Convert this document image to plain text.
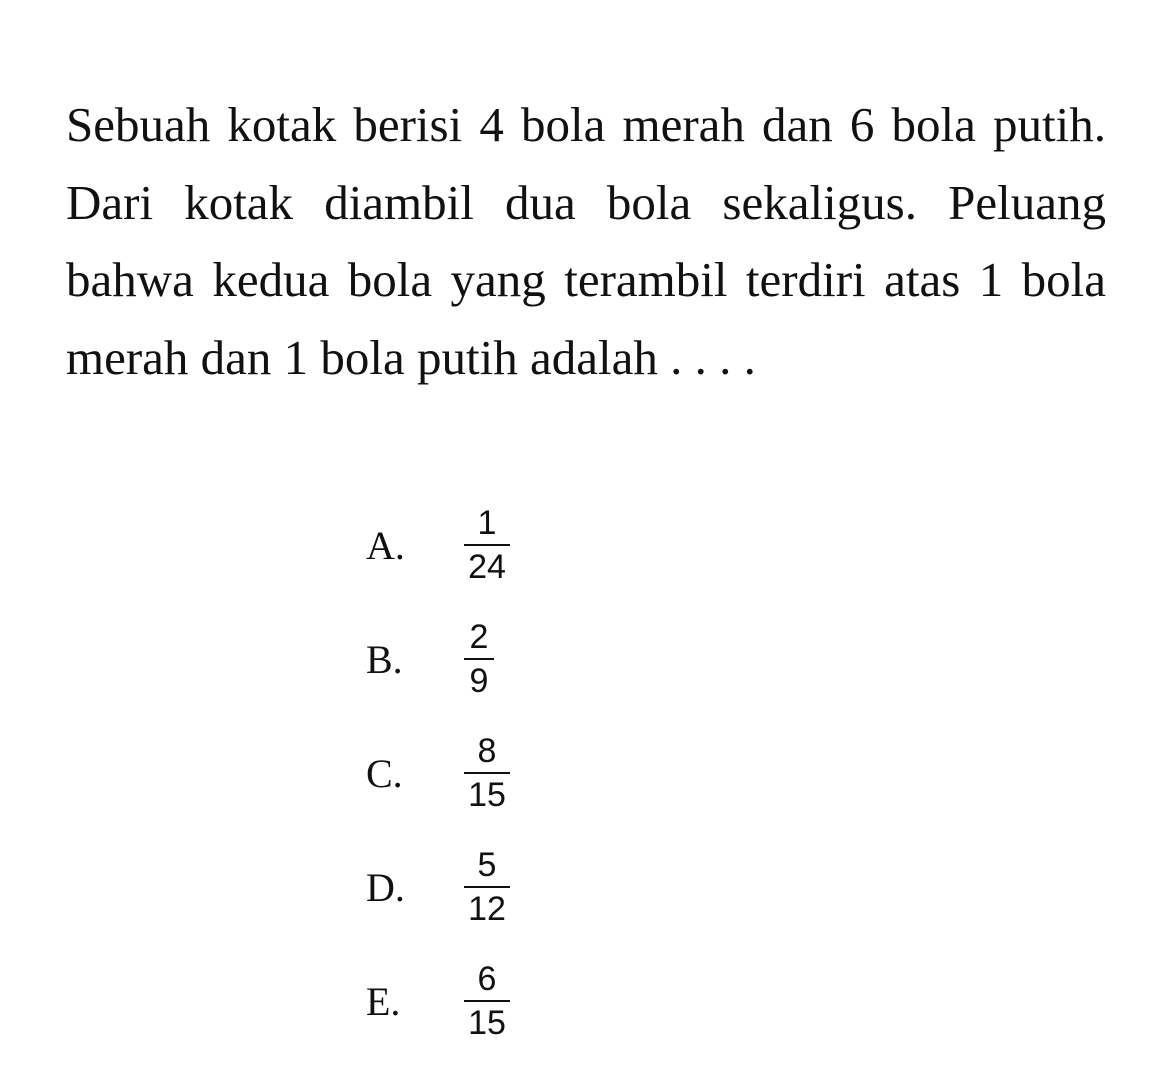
Sebuah kotak berisi 4 bola merah dan 6 bola putih. Dari kotak diambil dua bola sekaligus. Peluang bahwa kedua bola yang terambil terdiri atas 1 bola merah dan 1 bola putih adalah . . . .

A.	$\frac{1}{24}$
B.	$\frac{2}{9}$
C.	$\frac{8}{15}$
D.	$\frac{5}{12}$
E.	$\frac{6}{15}$
